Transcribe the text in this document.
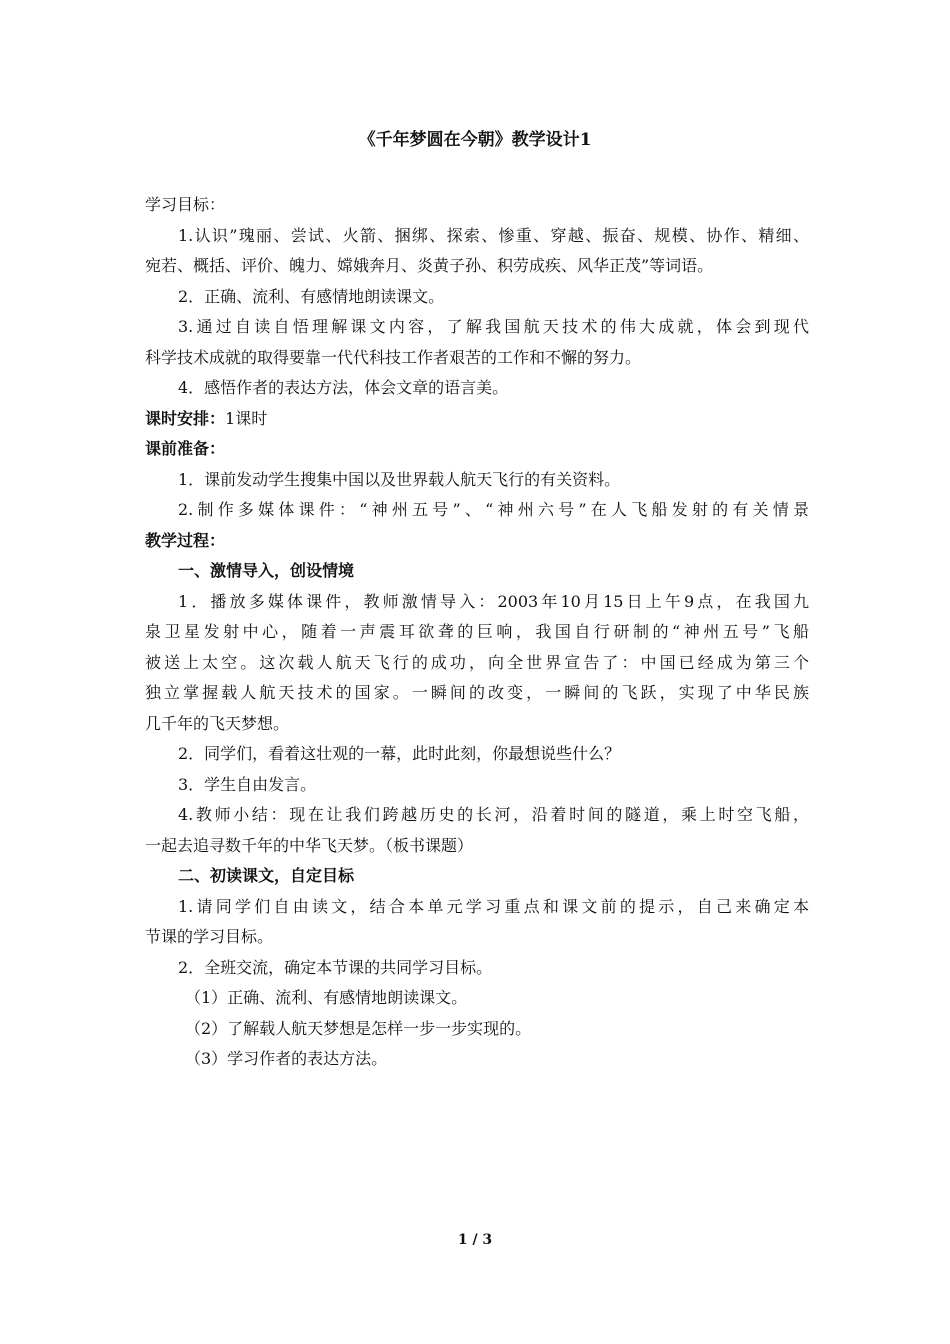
《千年梦圆在今朝》教学设计1
学习目标：
1.认识”瑰丽、尝试、火箭、捆绑、探索、惨重、穿越、振奋、规模、协作、精细、
宛若、概括、评价、魄力、嫦娥奔月、炎黄子孙、积劳成疾、风华正茂”等词语。
2．正确、流利、有感情地朗读课文。
3.通过自读自悟理解课文内容，了解我国航天技术的伟大成就，体会到现代
科学技术成就的取得要靠一代代科技工作者艰苦的工作和不懈的努力。
4．感悟作者的表达方法，体会文章的语言美。
课时安排：1课时
课前准备：
1．课前发动学生搜集中国以及世界载人航天飞行的有关资料。
2.制作多媒体课件：“神州五号”、“神州六号”在人飞船发射的有关情景
教学过程：
一、激情导入，创设情境
1．播放多媒体课件，教师激情导入：2003年10月15日上午9点，在我国九
泉卫星发射中心，随着一声震耳欲聋的巨响，我国自行研制的“神州五号”飞船
被送上太空。这次载人航天飞行的成功，向全世界宣告了：中国已经成为第三个
独立掌握载人航天技术的国家。一瞬间的改变，一瞬间的飞跃，实现了中华民族
几千年的飞天梦想。
2．同学们，看着这壮观的一幕，此时此刻，你最想说些什么？
3．学生自由发言。
4.教师小结：现在让我们跨越历史的长河，沿着时间的隧道，乘上时空飞船，
一起去追寻数千年的中华飞天梦。（板书课题）
二、初读课文，自定目标
1.请同学们自由读文，结合本单元学习重点和课文前的提示，自己来确定本
节课的学习目标。
2．全班交流，确定本节课的共同学习目标。
（1）正确、流利、有感情地朗读课文。
（2）了解载人航天梦想是怎样一步一步实现的。
（3）学习作者的表达方法。
1 / 3
